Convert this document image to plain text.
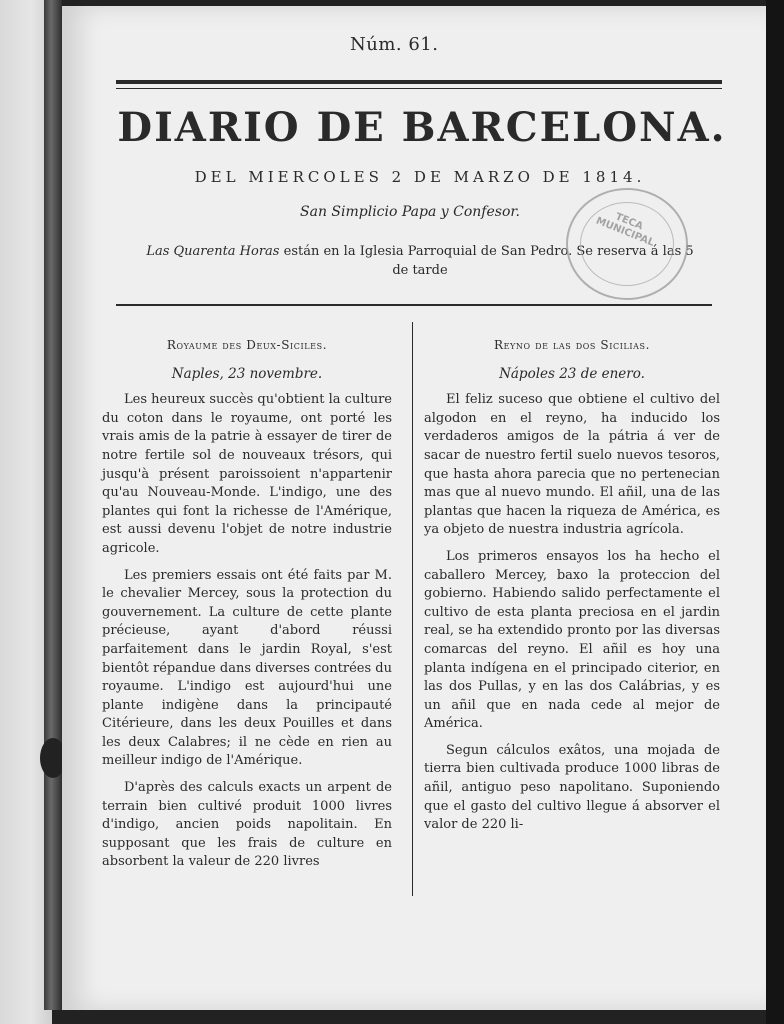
Núm. 61.
DIARIO DE BARCELONA.
DEL MIERCOLES 2 DE MARZO DE 1814.
San Simplicio Papa y Confesor.
Las Quarenta Horas están en la Iglesia Parroquial de San Pedro. Se reserva á las 5 de tarde
TECA MUNICIPAL
Royaume des Deux-Siciles.
Naples, 23 novembre.

Les heureux succès qu'obtient la culture du coton dans le royaume, ont porté les vrais amis de la patrie à essayer de tirer de notre fertile sol de nouveaux trésors, qui jusqu'à présent paroissoient n'appartenir qu'au Nouveau-Monde. L'indigo, une des plantes qui font la richesse de l'Amérique, est aussi devenu l'objet de notre industrie agricole.

Les premiers essais ont été faits par M. le chevalier Mercey, sous la protection du gouvernement. La culture de cette plante précieuse, ayant d'abord réussi parfaitement dans le jardin Royal, s'est bientôt répandue dans diverses contrées du royaume. L'indigo est aujourd'hui une plante indigène dans la principauté Citérieure, dans les deux Pouilles et dans les deux Calabres; il ne cède en rien au meilleur indigo de l'Amérique.

D'après des calculs exacts un arpent de terrain bien cultivé produit 1000 livres d'indigo, ancien poids napolitain. En supposant que les frais de culture en absorbent la valeur de 220 livres

Reyno de las dos Sicilias.
Nápoles 23 de enero.

El feliz suceso que obtiene el cultivo del algodon en el reyno, ha inducido los verdaderos amigos de la pátria á ver de sacar de nuestro fertil suelo nuevos tesoros, que hasta ahora parecia que no pertenecian mas que al nuevo mundo. El añil, una de las plantas que hacen la riqueza de América, es ya objeto de nuestra industria agrícola.

Los primeros ensayos los ha hecho el caballero Mercey, baxo la proteccion del gobierno. Habiendo salido perfectamente el cultivo de esta planta preciosa en el jardin real, se ha extendido pronto por las diversas comarcas del reyno. El añil es hoy una planta indígena en el principado citerior, en las dos Pullas, y en las dos Calábrias, y es un añil que en nada cede al mejor de América.

Segun cálculos exâtos, una mojada de tierra bien cultivada produce 1000 libras de añil, antiguo peso napolitano. Suponiendo que el gasto del cultivo llegue á absorver el valor de 220 li-
